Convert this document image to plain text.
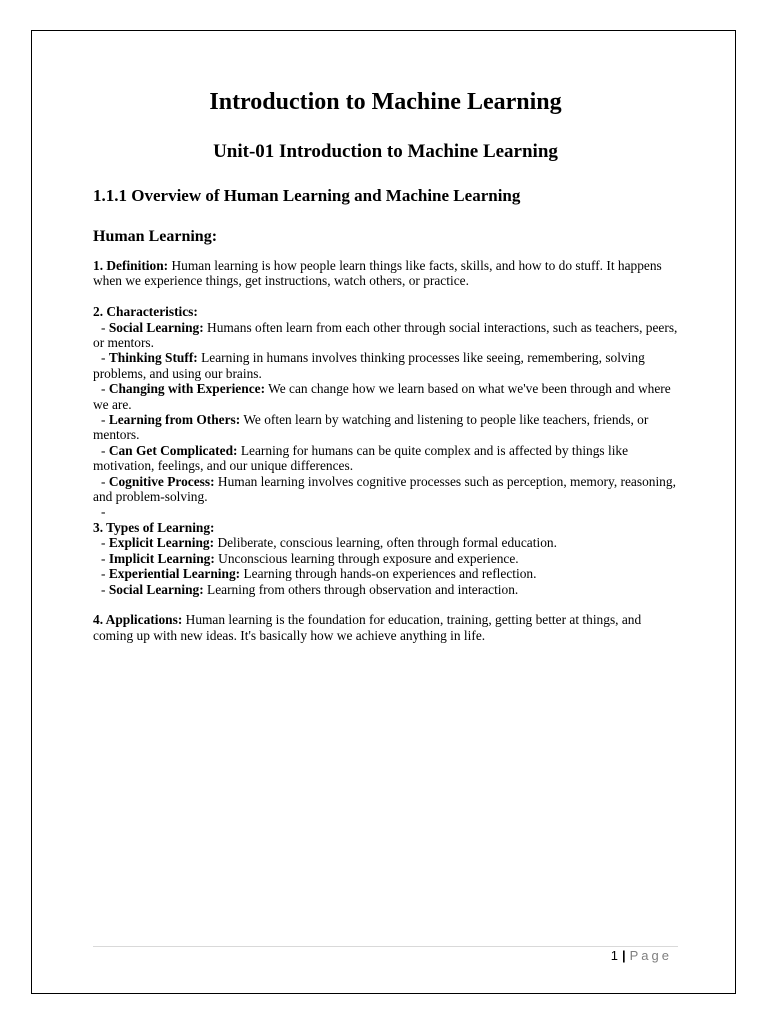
Introduction to Machine Learning
Unit-01 Introduction to Machine Learning
1.1.1 Overview of Human Learning and Machine Learning
Human Learning:

1. Definition: Human learning is how people learn things like facts, skills, and how to do stuff. It happens when we experience things, get instructions, watch others, or practice.

2. Characteristics:

- Social Learning: Humans often learn from each other through social interactions, such as teachers, peers, or mentors.

- Thinking Stuff: Learning in humans involves thinking processes like seeing, remembering, solving problems, and using our brains.

- Changing with Experience: We can change how we learn based on what we've been through and where we are.

- Learning from Others: We often learn by watching and listening to people like teachers, friends, or mentors.

- Can Get Complicated: Learning for humans can be quite complex and is affected by things like motivation, feelings, and our unique differences.

- Cognitive Process: Human learning involves cognitive processes such as perception, memory, reasoning, and problem-solving.

-

3. Types of Learning:

- Explicit Learning: Deliberate, conscious learning, often through formal education.

- Implicit Learning: Unconscious learning through exposure and experience.

- Experiential Learning: Learning through hands-on experiences and reflection.

- Social Learning: Learning from others through observation and interaction.

4. Applications: Human learning is the foundation for education, training, getting better at things, and coming up with new ideas. It's basically how we achieve anything in life.

1 | Page
